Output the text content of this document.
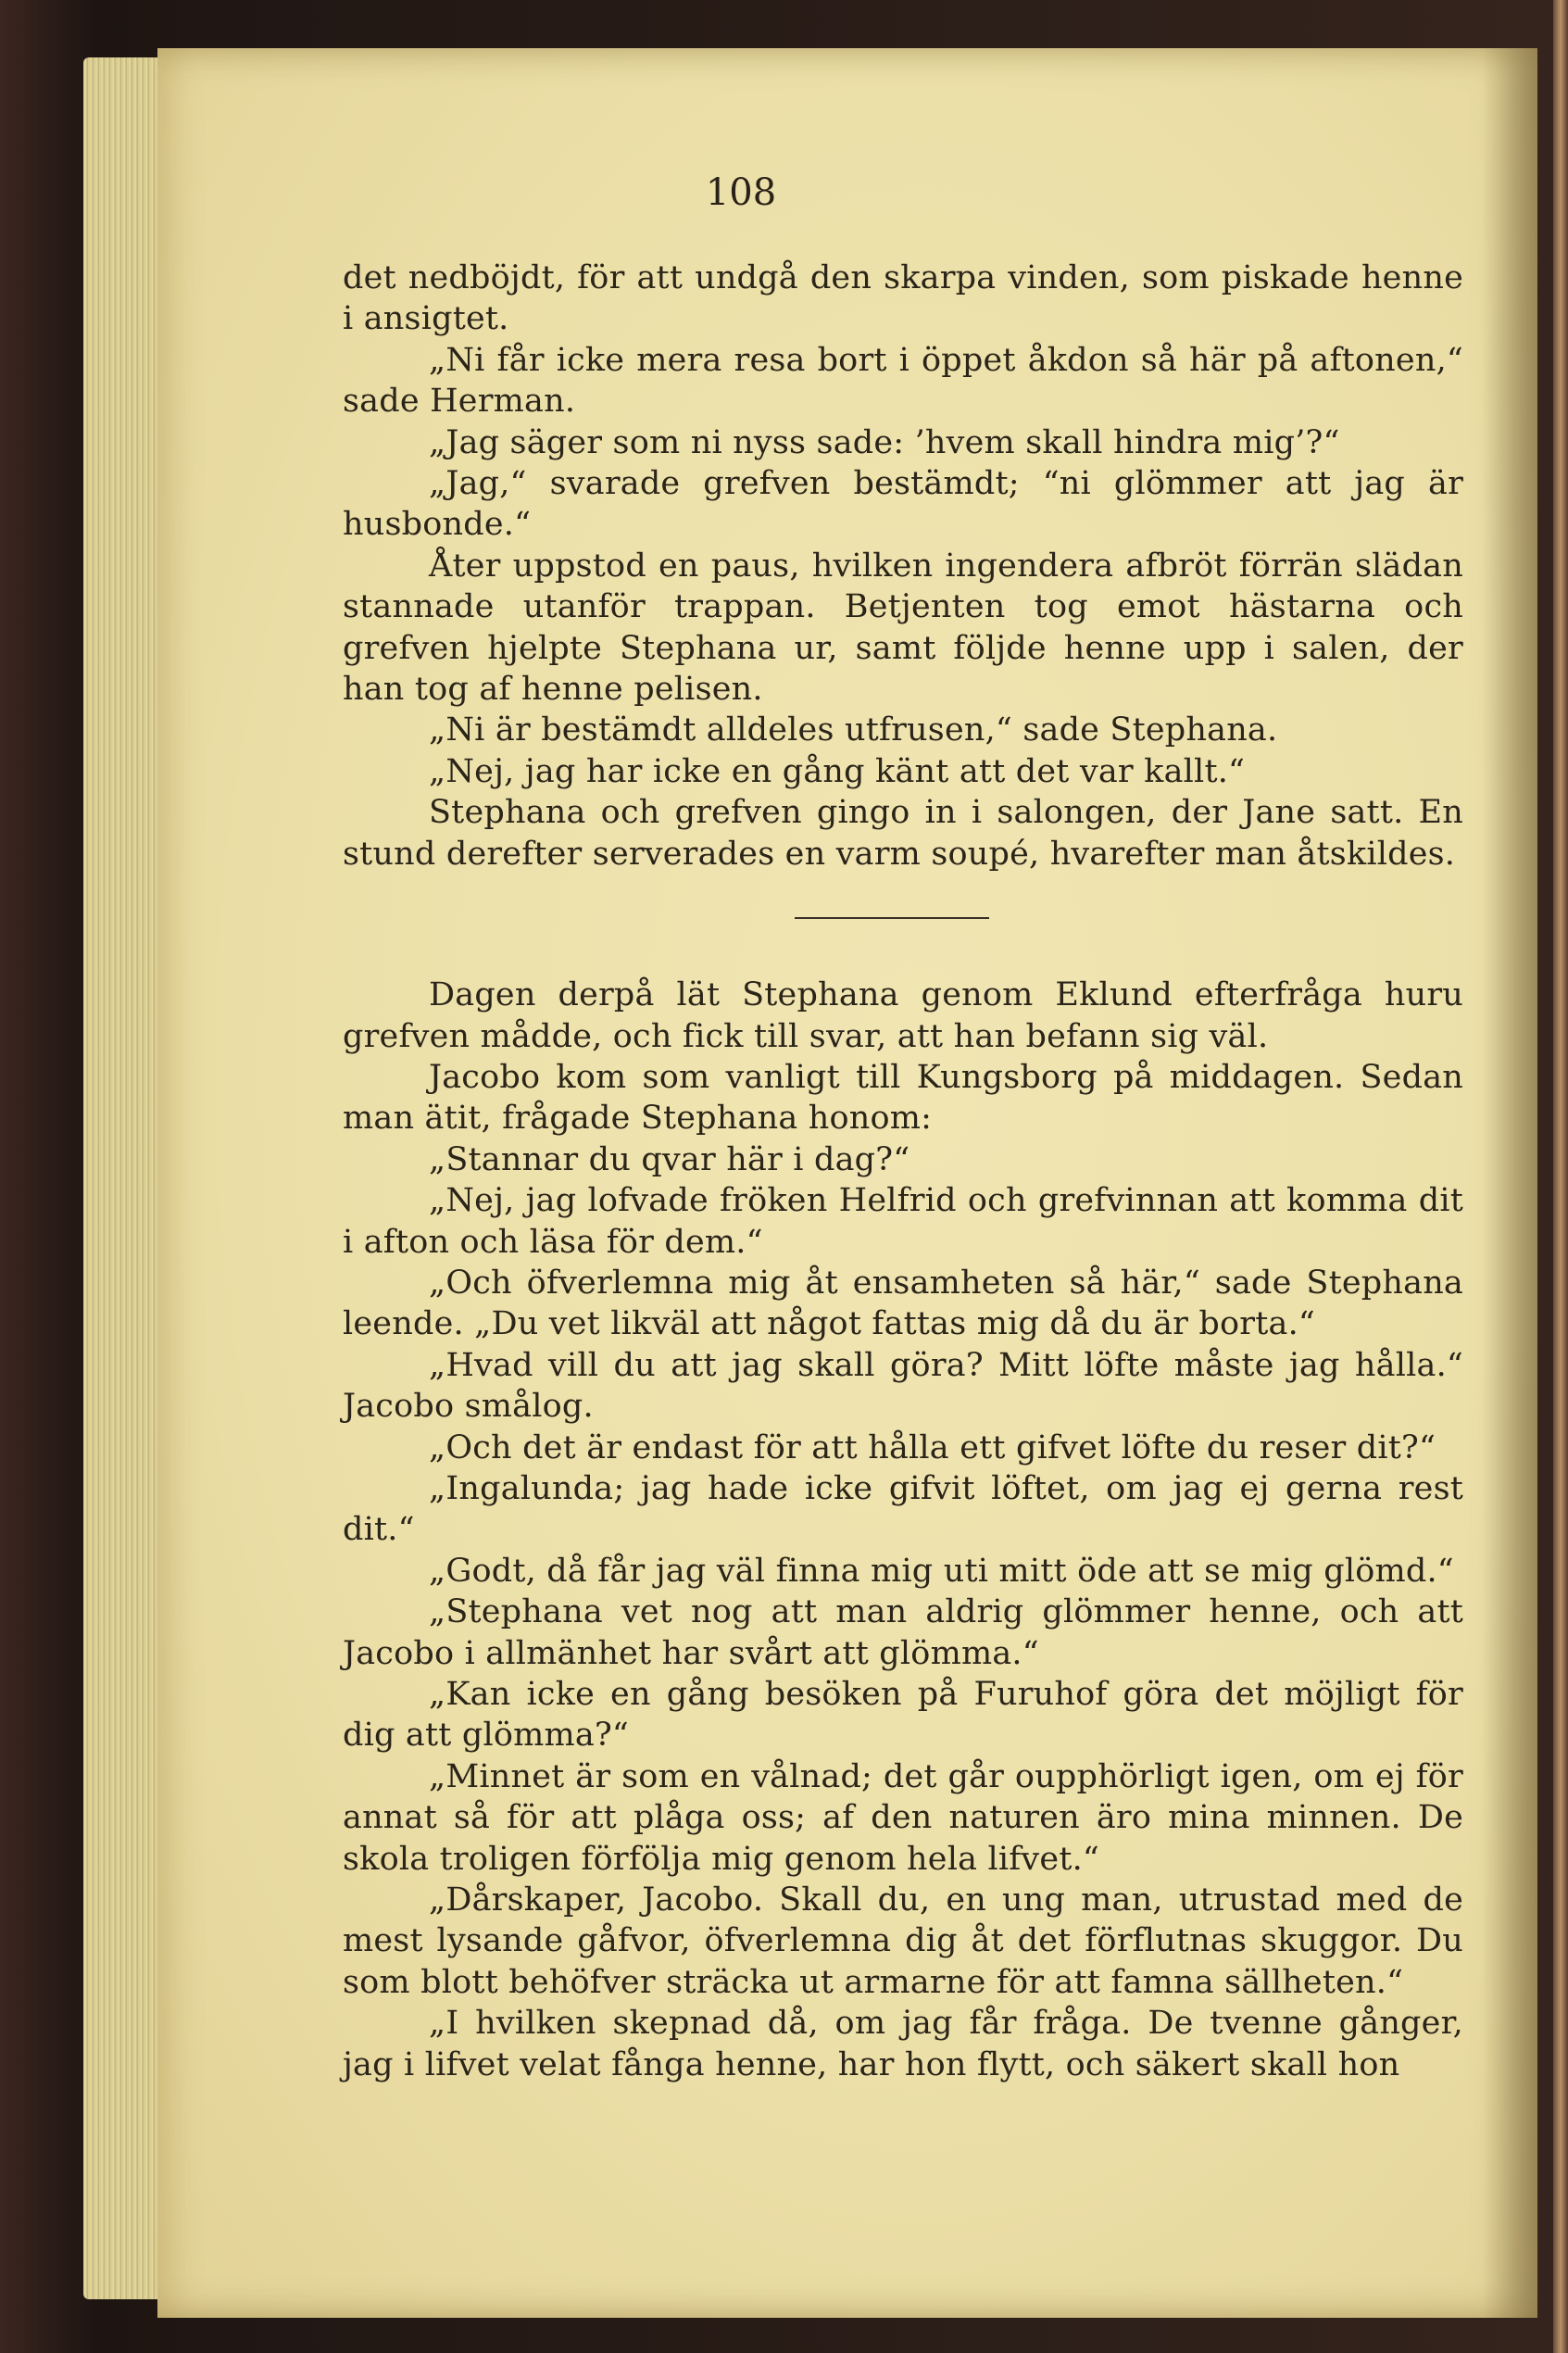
108

det nedböjdt, för att undgå den skarpa vinden, som piskade henne i ansigtet.

„Ni får icke mera resa bort i öppet åkdon så här på aftonen,“ sade Herman.

„Jag säger som ni nyss sade: ’hvem skall hindra mig’?“

„Jag,“ svarade grefven bestämdt; “ni glömmer att jag är husbonde.“

Åter uppstod en paus, hvilken ingendera afbröt förrän slädan stannade utanför trappan. Betjenten tog emot hästarna och grefven hjelpte Stephana ur, samt följde henne upp i salen, der han tog af henne pelisen.

„Ni är bestämdt alldeles utfrusen,“ sade Stephana.

„Nej, jag har icke en gång känt att det var kallt.“

Stephana och grefven gingo in i salongen, der Jane satt. En stund derefter serverades en varm soupé, hvarefter man åtskildes.

Dagen derpå lät Stephana genom Eklund efterfråga huru grefven mådde, och fick till svar, att han befann sig väl.

Jacobo kom som vanligt till Kungsborg på middagen. Sedan man ätit, frågade Stephana honom:

„Stannar du qvar här i dag?“

„Nej, jag lofvade fröken Helfrid och grefvinnan att komma dit i afton och läsa för dem.“

„Och öfverlemna mig åt ensamheten så här,“ sade Stephana leende. „Du vet likväl att något fattas mig då du är borta.“

„Hvad vill du att jag skall göra? Mitt löfte måste jag hålla.“ Jacobo smålog.

„Och det är endast för att hålla ett gifvet löfte du reser dit?“

„Ingalunda; jag hade icke gifvit löftet, om jag ej gerna rest dit.“

„Godt, då får jag väl finna mig uti mitt öde att se mig glömd.“

„Stephana vet nog att man aldrig glömmer henne, och att Jacobo i allmänhet har svårt att glömma.“

„Kan icke en gång besöken på Furuhof göra det möjligt för dig att glömma?“

„Minnet är som en vålnad; det går oupphörligt igen, om ej för annat så för att plåga oss; af den naturen äro mina minnen. De skola troligen förfölja mig genom hela lifvet.“

„Dårskaper, Jacobo. Skall du, en ung man, utrustad med de mest lysande gåfvor, öfverlemna dig åt det förflutnas skuggor. Du som blott behöfver sträcka ut armarne för att famna sällheten.“

„I hvilken skepnad då, om jag får fråga. De tvenne gånger, jag i lifvet velat fånga henne, har hon flytt, och säkert skall hon
